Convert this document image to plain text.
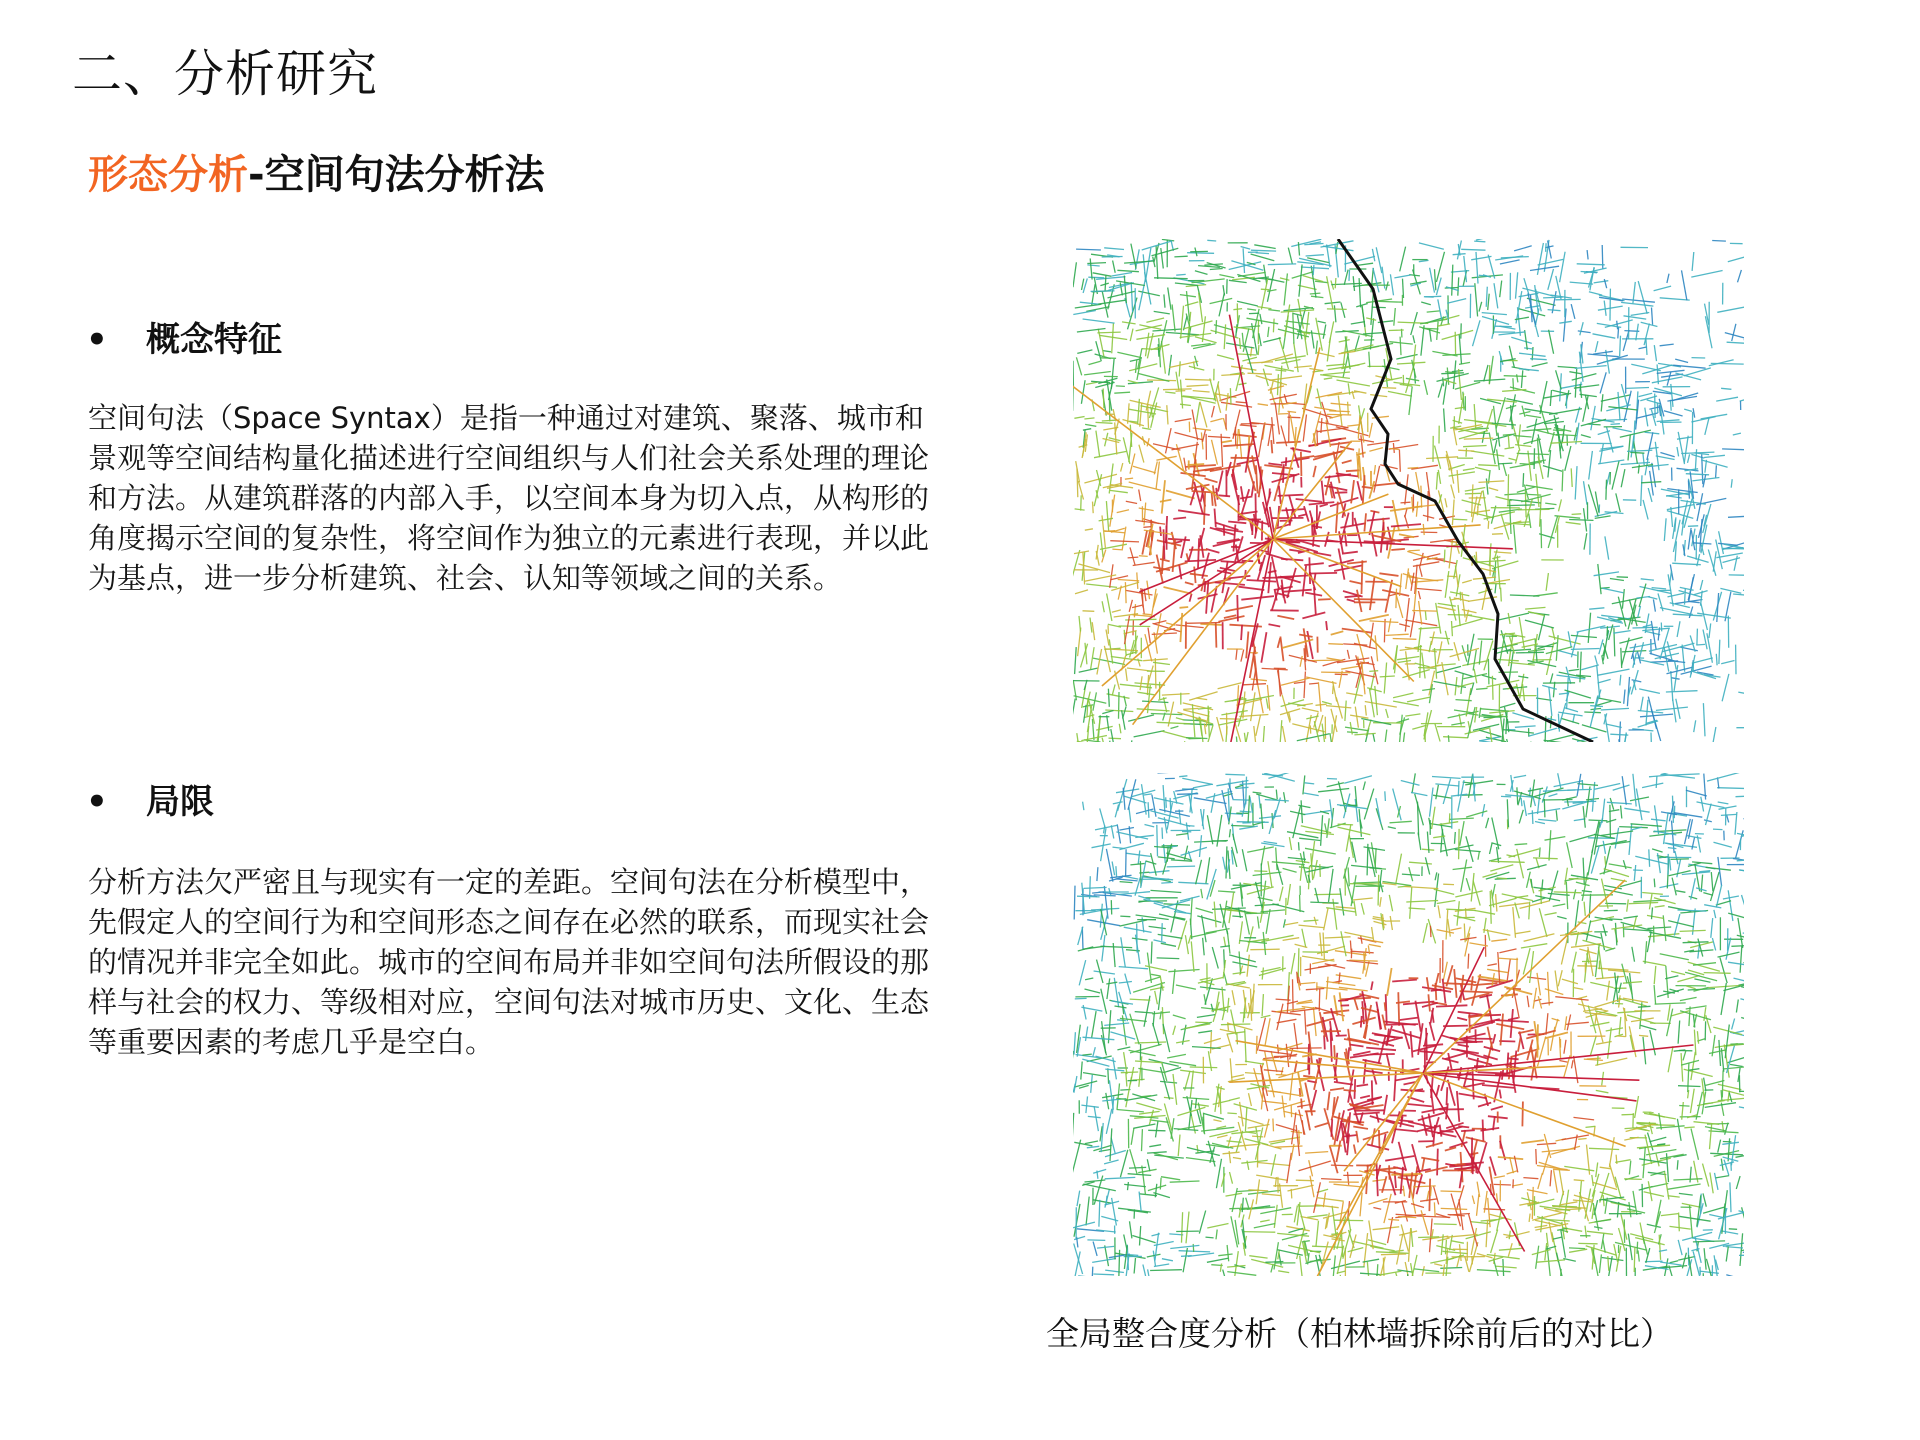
二、分析研究
形态分析-空间句法分析法
• 概念特征
空间句法（Space Syntax）是指一种通过对建筑、聚落、城市和景观等空间结构量化描述进行空间组织与人们社会关系处理的理论和方法。从建筑群落的内部入手，以空间本身为切入点，从构形的角度揭示空间的复杂性，将空间作为独立的元素进行表现，并以此为基点，进一步分析建筑、社会、认知等领域之间的关系。
• 局限
分析方法欠严密且与现实有一定的差距。空间句法在分析模型中，先假定人的空间行为和空间形态之间存在必然的联系，而现实社会的情况并非完全如此。城市的空间布局并非如空间句法所假设的那样与社会的权力、等级相对应，空间句法对城市历史、文化、生态等重要因素的考虑几乎是空白。
全局整合度分析（柏林墙拆除前后的对比）
